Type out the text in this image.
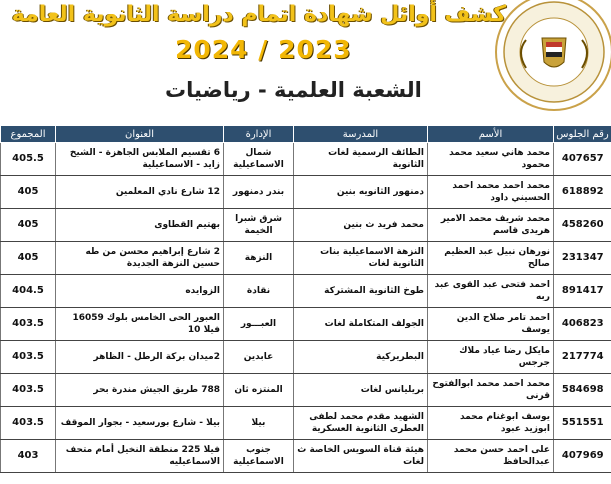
كشف أوائل شهادة اتمام دراسة الثانوية العامة
2024 / 2023
الشعبة العلمية - رياضيات
رقم الجلوس	الأسم	المدرسة	الإدارة	العنوان	المجموع
407657	محمد هاني سعيد محمد محمود	الطائف الرسمية لغات الثانوية	شمال الاسماعيلية	6 تقسيم الملابس الجاهزة - الشيخ زايد - الاسماعيلية	405.5
618892	محمد احمد محمد احمد الحسيني داود	دمنهور الثانويه بنين	بندر دمنهور	12 شارع نادي المعلمين	405
458260	محمد شريف محمد الامير هريدى قاسم	محمد فريد ث بنين	شرق شبرا الخيمة	بهتيم القطاوى	405
231347	نورهان نبيل عبد العظيم صالح	النزهة الاسماعيلية بنات الثانوية لغات	النزهة	2 شارع إبراهيم محسن من طه حسين النزهة الجديدة	405
891417	احمد فتحى عبد القوى عبد ربه	طوخ الثانوية المشتركة	نقادة	الزوايده	404.5
406823	احمد تامر صلاح الدين يوسف	الجولف المتكاملة لغات	العبـــور	العبور الحى الخامس بلوك 16059 فيلا 10	403.5
217774	مايكل رضا عياد ملاك جرجس	البطريركية	عابدين	2ميدان بركة الرطل - الظاهر	403.5
584698	محمد احمد محمد ابوالفتوح قرنى	بريليانس لغات	المنتزه ثان	788 طريق الجيش مندرة بحر	403.5
551551	يوسف ابوغنام محمد ابوزيد عبود	الشهيد مقدم محمد لطفى العطرى الثانوية العسكرية	بيلا	بيلا - شارع بورسعيد - بجوار الموقف	403.5
407969	على احمد حسن محمد عبدالحافظ	هيئة قناة السويس الخاصة ث لغات	جنوب الاسماعيلية	فيلا 225 منطقة النخيل أمام متحف الاسماعيليه	403
